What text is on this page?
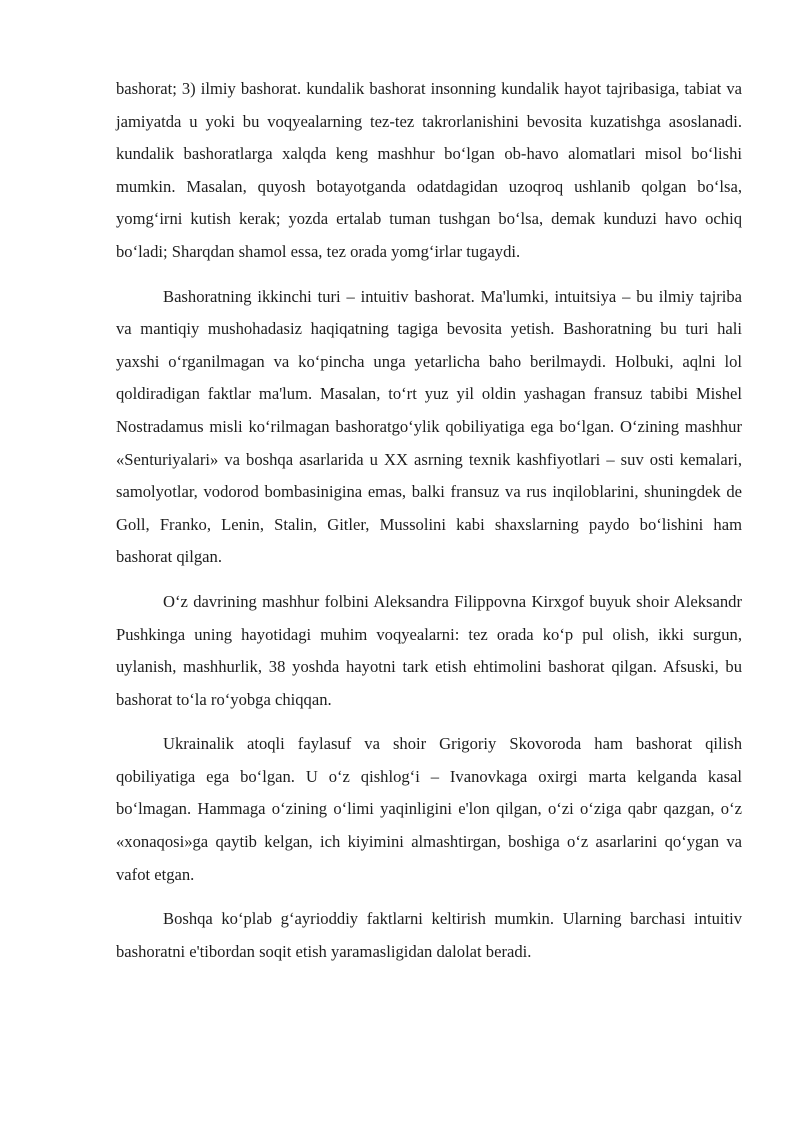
bashorat; 3) ilmiy bashorat. kundalik bashorat insonning kundalik hayot tajribasiga, tabiat va jamiyatda u yoki bu voqyealarning tez-tez takrorlanishini bevosita kuzatishga asoslanadi. kundalik bashoratlarga xalqda keng mashhur bo‘lgan ob-havo alomatlari misol bo‘lishi mumkin. Masalan, quyosh botayotganda odatdagidan uzoqroq ushlanib qolgan bo‘lsa, yomg‘irni kutish kerak; yozda ertalab tuman tushgan bo‘lsa, demak kunduzi havo ochiq bo‘ladi; Sharqdan shamol essa, tez orada yomg‘irlar tugaydi.

Bashoratning ikkinchi turi – intuitiv bashorat. Ma'lumki, intuitsiya – bu ilmiy tajriba va mantiqiy mushohadasiz haqiqatning tagiga bevosita yetish. Bashoratning bu turi hali yaxshi o‘rganilmagan va ko‘pincha unga yetarlicha baho berilmaydi. Holbuki, aqlni lol qoldiradigan faktlar ma'lum. Masalan, to‘rt yuz yil oldin yashagan fransuz tabibi Mishel Nostradamus misli ko‘rilmagan bashoratgo‘ylik qobiliyatiga ega bo‘lgan. O‘zining mashhur «Senturiyalari» va boshqa asarlarida u XX asrning texnik kashfiyotlari – suv osti kemalari, samolyotlar, vodorod bombasinigina emas, balki fransuz va rus inqiloblarini, shuningdek de Goll, Franko, Lenin, Stalin, Gitler, Mussolini kabi shaxslarning paydo bo‘lishini ham bashorat qilgan.

O‘z davrining mashhur folbini Aleksandra Filippovna Kirxgof buyuk shoir Aleksandr Pushkinga uning hayotidagi muhim voqyealarni: tez orada ko‘p pul olish, ikki surgun, uylanish, mashhurlik, 38 yoshda hayotni tark etish ehtimolini bashorat qilgan. Afsuski, bu bashorat to‘la ro‘yobga chiqqan.

Ukrainalik atoqli faylasuf va shoir Grigoriy Skovoroda ham bashorat qilish qobiliyatiga ega bo‘lgan. U o‘z qishlog‘i – Ivanovkaga oxirgi marta kelganda kasal bo‘lmagan. Hammaga o‘zining o‘limi yaqinligini e'lon qilgan, o‘zi o‘ziga qabr qazgan, o‘z «xonaqosi»ga qaytib kelgan, ich kiyimini almashtirgan, boshiga o‘z asarlarini qo‘ygan va vafot etgan.

Boshqa ko‘plab g‘ayrioddiy faktlarni keltirish mumkin. Ularning barchasi intuitiv bashoratni e'tibordan soqit etish yaramasligidan dalolat beradi.
